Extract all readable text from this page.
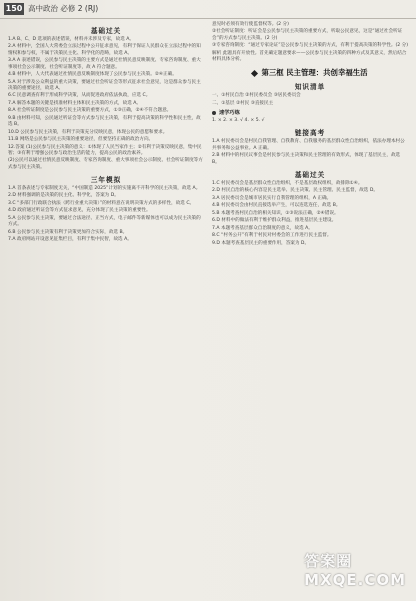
150 高中政治 必修 2 (RJ)
基础过关
1.A B、C、D 选项的表述错误，材料并未涉及专家，故选 A。
2.A 材料中，全国人大常委会立法过程中公开征求意见，有利于保证人民群众在立法过程中的知情权和参与权，不属于决策民主化、科学化的范畴，故选 A。
3.A A 表述错误，公民参与民主决策的主要方式是通过社情民意反映制度、专家咨询制度、重大事项社会公示制度、社会听证制度等，故 A 符合题意。
4.B 材料中，人大代表通过社情民意反映制度体现了公民参与民主决策。②④正确。
5.A 对于涉及公众利益的重大决策，要通过社会听证会等形式征求社会意见，这是群众参与民主决策的重要途径，故选 A。
6.C 民意调查有利于形成科学决策，从而促进政府依法执政，应选 C。
7.A 解答本题的关键是找准材料主体和民主决策的方式，故选 A。
8.A 社会听证制度是公民参与民主决策的重要方式，①③正确，②④不符合题意。
9.B 由材料可知，公民通过听证会等方式参与民主决策，有利于提高决策的科学性和民主性，故选 B。
10.D 公民参与民主决策，有利于决策充分反映民意，体现公民的意愿和要求。
11.B 网络是公民参与民主决策的重要途径，但要坚持正确的政治方向。
12.答案 (1)公民参与民主决策的意义：①体现了人民当家作主；②有利于决策反映民意，集中民智；③有利于增强公民参与政治生活的能力，提高公民的政治素养。
(2)公民可以通过社情民意反映制度、专家咨询制度、重大事项社会公示制度、社会听证制度等方式参与民主决策。
三年模拟
1.A 首条表述与专家制度无关，“中国制造 2025”计划的实施离不开科学的民主决策，故选 A。
2.D 材料强调的是决策的民主化、科学化，答案为 D。
3.C “多部门行政联合执法（跨行业重大决策）”的材料意在说明决策方式的多样性，故选 C。
4.D 政府通过听证会等方式征求意见，充分体现了民主决策的重要性。
5.A 公民参与民主决策，要通过合法途径、正当方式，电子邮件等新媒体也可以成为民主决策的方式。
6.B 公民参与民主决策有利于决策更加符合实际，故选 B。
7.A 政府网站开设意见征集栏目，有利于集中民智，故选 A。
意见时必须有效行使监督权等。(2 分)
②社会听证制度：听证会是公民参与民主决策的重要方式，听取公民意见，这是“通过社会听证会”的方式参与民主决策。(2 分)
③专家咨询制度：“通过专家论证”是公民参与民主决策的方式，有利于提高决策的科学性。(2 分)
解析 此题具有开放性。首先确定题意要求——公民参与民主决策的四种方式及其意义，然后结合材料具体分析。
第三框 民主管理：共创幸福生活
知识清单
一、①村民自治 ②村民委员会 ③居民委员会
二、①基层 ②村民 ③直接民主
速学巧练
1. × 2. × 3. √ 4. × 5. √
链接高考
1.A 村民委员会是村民自我管理、自我教育、自我服务的基层群众性自治组织，依法办理本村公共事务和公益事业。A 正确。
2.B 材料中的村民议事会是村民参与民主决策和民主管理的有效形式，体现了基层民主，故选 B。
基础过关
1.C 村民委员会是基层群众性自治组织，不是基层政权组织，故排除①④。
2.D 村民自治的核心内容是民主选举、民主决策、民主管理、民主监督，故选 D。
3.A 居民委员会是城市居民实行自我管理的组织，A 正确。
4.B 村民委员会由村民直接选举产生，可以连选连任，故选 B。
5.B 本题考查村民自治的相关知识，①③说法正确，②④错误。
6.D 材料中的做法有利于维护群众利益，推进基层民主建设。
7.A 本题考查基层群众自治制度的意义，故选 A。
8.C “村务公开”有利于村民对村委会的工作进行民主监督。
9.D 本题考查基层民主的重要作用，答案为 D。
答案圈
MXQE.COM
